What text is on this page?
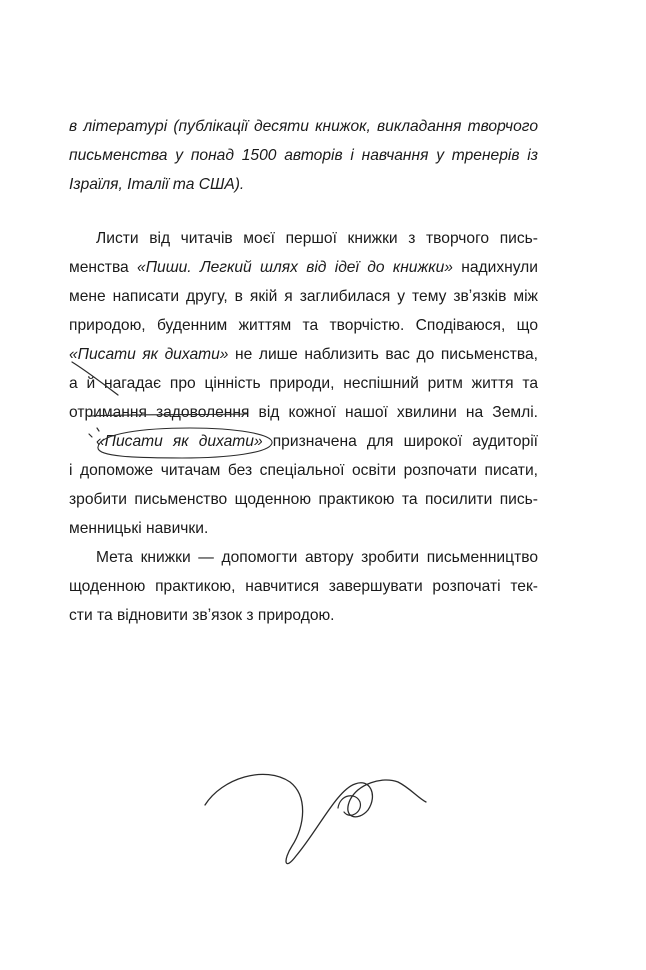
в літературі (публікації десяти книжок, викладання творчого

письменства у понад 1500 авторів і навчання у тренерів із

Ізраїля, Італії та США).

Листи від читачів моєї першої книжки з творчого пись-

менства «Пиши. Легкий шлях від ідеї до книжки» надихнули

мене написати другу, в якій я заглибилася у тему звʼязків між

природою, буденним життям та творчістю. Сподіваюся, що

«Писати як дихати» не лише наблизить вас до письменства,

а й нагадає про цінність природи, неспішний ритм життя та

отримання задоволення від кожної нашої хвилини на Землі.

«Писати як дихати» призначена для широкої аудиторії

і допоможе читачам без спеціальної освіти розпочати писати,

зробити письменство щоденною практикою та посилити пись-

менницькі навички.

Мета книжки — допомогти автору зробити письменництво

щоденною практикою, навчитися завершувати розпочаті тек-

сти та відновити звʼязок з природою.
